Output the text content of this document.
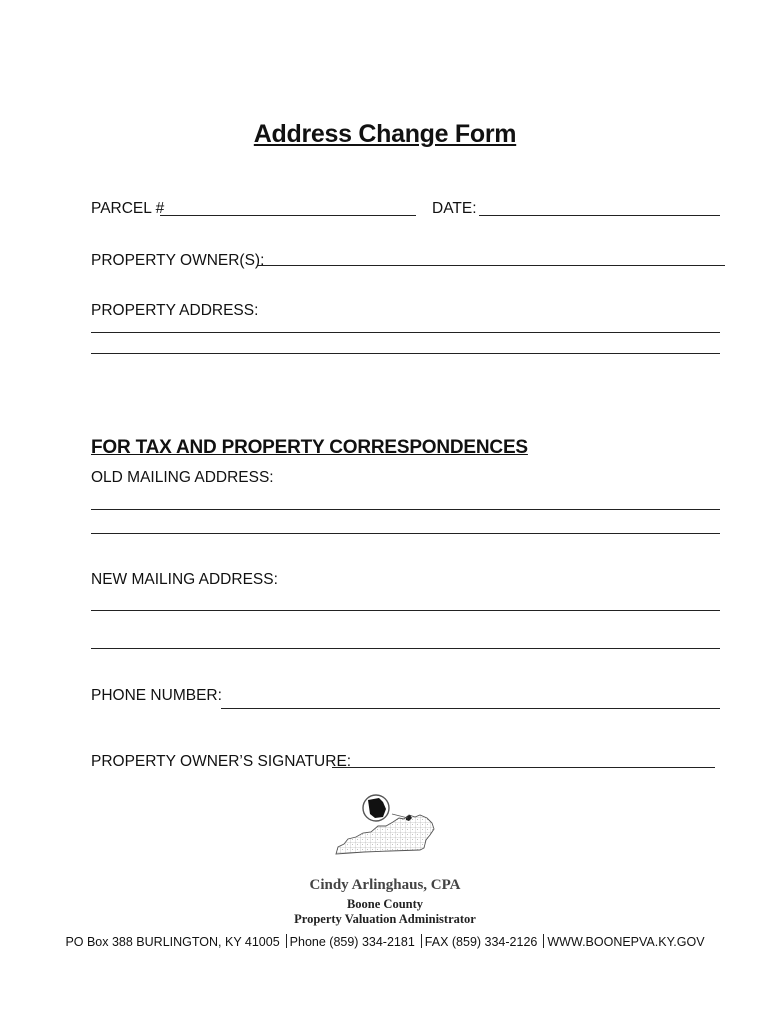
Address Change Form
PARCEL #	DATE:
PROPERTY OWNER(S):
PROPERTY ADDRESS:
FOR TAX AND PROPERTY CORRESPONDENCES
OLD MAILING ADDRESS:
NEW MAILING ADDRESS:
PHONE NUMBER:
PROPERTY OWNER’S SIGNATURE:
Cindy Arlinghaus, CPA
Boone County
Property Valuation Administrator
PO Box 388 BURLINGTON, KY 41005 Phone (859) 334-2181 FAX (859) 334-2126 WWW.BOONEPVA.KY.GOV
